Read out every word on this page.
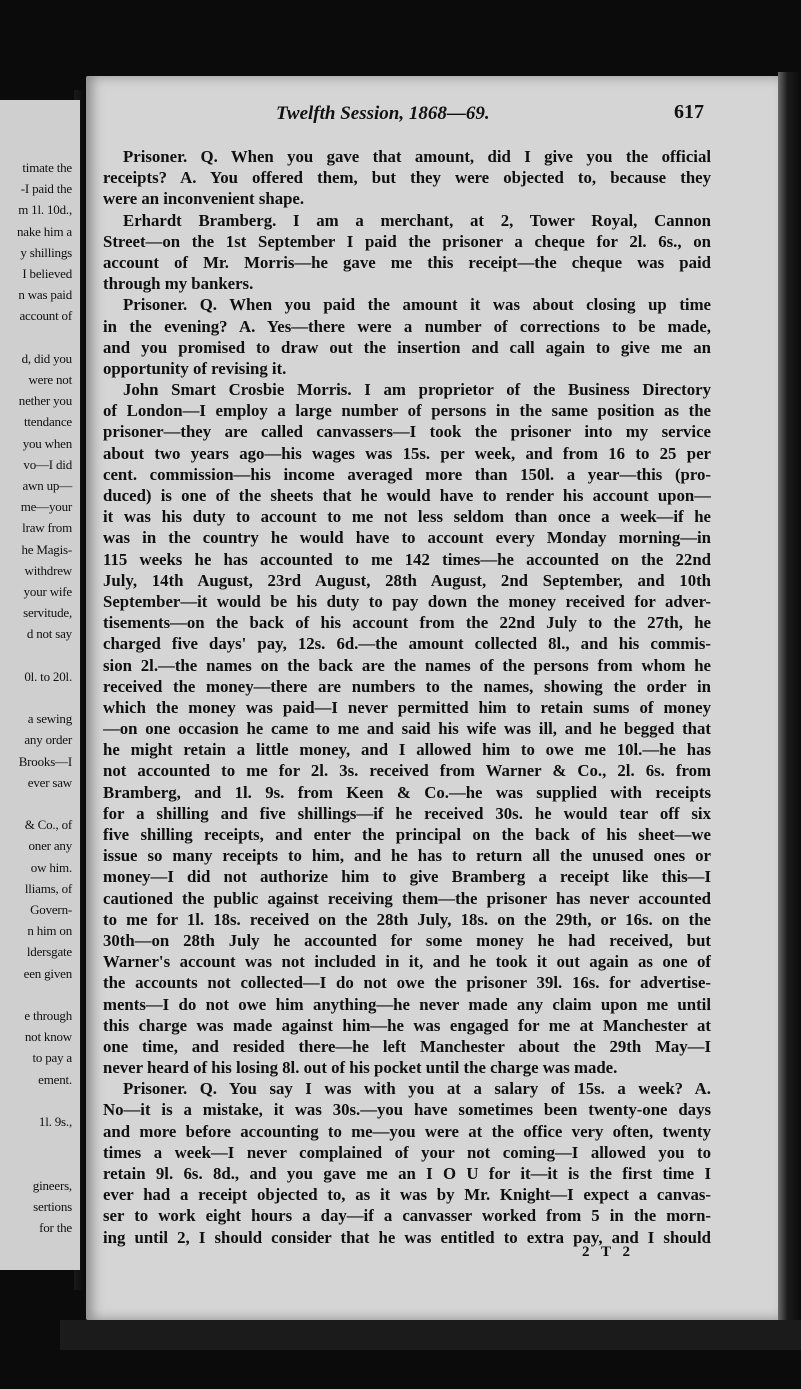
timate the
-I paid the
m 1l. 10d.,
nake him a
y shillings
I believed
n was paid
account of
d, did you
were not
nether you
ttendance
you when
vo—I did
awn up—
me—your
lraw from
he Magis-
withdrew
your wife
servitude,
d not say
0l. to 20l.
a sewing
any order
Brooks—I
ever saw
& Co., of
oner any
ow him.
lliams, of
Govern-
n him on
ldersgate
een given
e through
not know
to pay a
ement.
1l. 9s.,
gineers,
sertions
for the
Twelfth Session, 1868—69.	617
Prisoner. Q. When you gave that amount, did I give you the official
receipts? A. You offered them, but they were objected to, because they
were an inconvenient shape.
Erhardt Bramberg. I am a merchant, at 2, Tower Royal, Cannon
Street—on the 1st September I paid the prisoner a cheque for 2l. 6s., on
account of Mr. Morris—he gave me this receipt—the cheque was paid
through my bankers.
Prisoner. Q. When you paid the amount it was about closing up time
in the evening? A. Yes—there were a number of corrections to be made,
and you promised to draw out the insertion and call again to give me an
opportunity of revising it.
John Smart Crosbie Morris. I am proprietor of the Business Directory
of London—I employ a large number of persons in the same position as the
prisoner—they are called canvassers—I took the prisoner into my service
about two years ago—his wages was 15s. per week, and from 16 to 25 per
cent. commission—his income averaged more than 150l. a year—this (pro-
duced) is one of the sheets that he would have to render his account upon—
it was his duty to account to me not less seldom than once a week—if he
was in the country he would have to account every Monday morning—in
115 weeks he has accounted to me 142 times—he accounted on the 22nd
July, 14th August, 23rd August, 28th August, 2nd September, and 10th
September—it would be his duty to pay down the money received for adver-
tisements—on the back of his account from the 22nd July to the 27th, he
charged five days' pay, 12s. 6d.—the amount collected 8l., and his commis-
sion 2l.—the names on the back are the names of the persons from whom he
received the money—there are numbers to the names, showing the order in
which the money was paid—I never permitted him to retain sums of money
—on one occasion he came to me and said his wife was ill, and he begged that
he might retain a little money, and I allowed him to owe me 10l.—he has
not accounted to me for 2l. 3s. received from Warner & Co., 2l. 6s. from
Bramberg, and 1l. 9s. from Keen & Co.—he was supplied with receipts
for a shilling and five shillings—if he received 30s. he would tear off six
five shilling receipts, and enter the principal on the back of his sheet—we
issue so many receipts to him, and he has to return all the unused ones or
money—I did not authorize him to give Bramberg a receipt like this—I
cautioned the public against receiving them—the prisoner has never accounted
to me for 1l. 18s. received on the 28th July, 18s. on the 29th, or 16s. on the
30th—on 28th July he accounted for some money he had received, but
Warner's account was not included in it, and he took it out again as one of
the accounts not collected—I do not owe the prisoner 39l. 16s. for advertise-
ments—I do not owe him anything—he never made any claim upon me until
this charge was made against him—he was engaged for me at Manchester at
one time, and resided there—he left Manchester about the 29th May—I
never heard of his losing 8l. out of his pocket until the charge was made.
Prisoner. Q. You say I was with you at a salary of 15s. a week? A.
No—it is a mistake, it was 30s.—you have sometimes been twenty-one days
and more before accounting to me—you were at the office very often, twenty
times a week—I never complained of your not coming—I allowed you to
retain 9l. 6s. 8d., and you gave me an I O U for it—it is the first time I
ever had a receipt objected to, as it was by Mr. Knight—I expect a canvas-
ser to work eight hours a day—if a canvasser worked from 5 in the morn-
ing until 2, I should consider that he was entitled to extra pay, and I should
2 T 2
